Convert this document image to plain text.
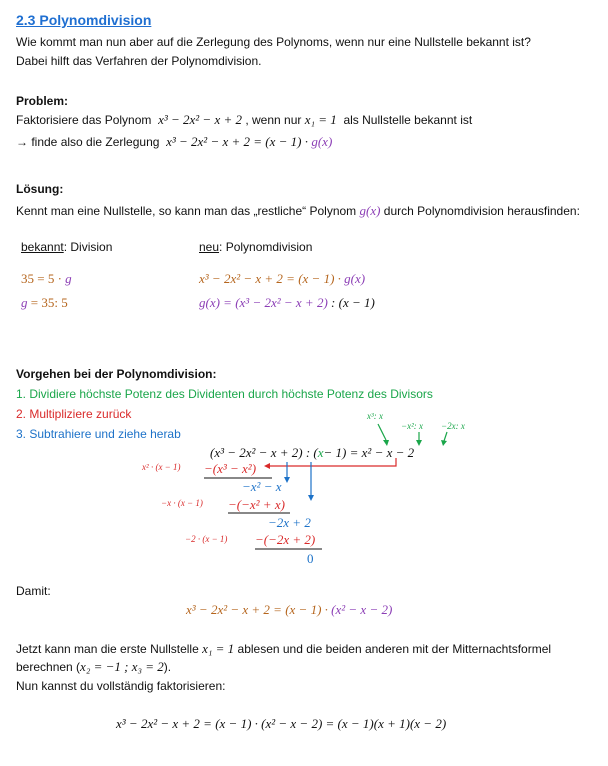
2.3 Polynomdivision
Wie kommt man nun aber auf die Zerlegung des Polynoms, wenn nur eine Nullstelle bekannt ist?
Dabei hilft das Verfahren der Polynomdivision.
Problem:
Faktorisiere das Polynom x³ − 2x² − x + 2 , wenn nur x₁ = 1 als Nullstelle bekannt ist
→ finde also die Zerlegung x³ − 2x² − x + 2 = (x − 1) · g(x)
Lösung:
Kennt man eine Nullstelle, so kann man das „restliche“ Polynom g(x) durch Polynomdivision herausfinden:
bekannt: Division	neu: Polynomdivision
35 = 5 · g
g = 35: 5
x³ − 2x² − x + 2 = (x − 1) · g(x)
g(x) = (x³ − 2x² − x + 2) : (x − 1)
Vorgehen bei der Polynomdivision:
1. Dividiere höchste Potenz des Dividenten durch höchste Potenz des Divisors
2. Multipliziere zurück
3. Subtrahiere und ziehe herab
x³: x
−x²: x −2x: x
(x³ − 2x² − x + 2) : (x− 1) = x² − x − 2
x² · (x − 1) −(x³ − x²)
−x² − x
−x · (x − 1) −(−x² + x)
−2x + 2
−2 · (x − 1) −(−2x + 2)
0
Damit:
x³ − 2x² − x + 2 = (x − 1) · (x² − x − 2)
Jetzt kann man die erste Nullstelle x₁ = 1 ablesen und die beiden anderen mit der Mitternachtsformel
berechnen (x₂ = −1 ; x₃ = 2).
Nun kannst du vollständig faktorisieren:
x³ − 2x² − x + 2 = (x − 1) · (x² − x − 2) = (x − 1)(x + 1)(x − 2)
